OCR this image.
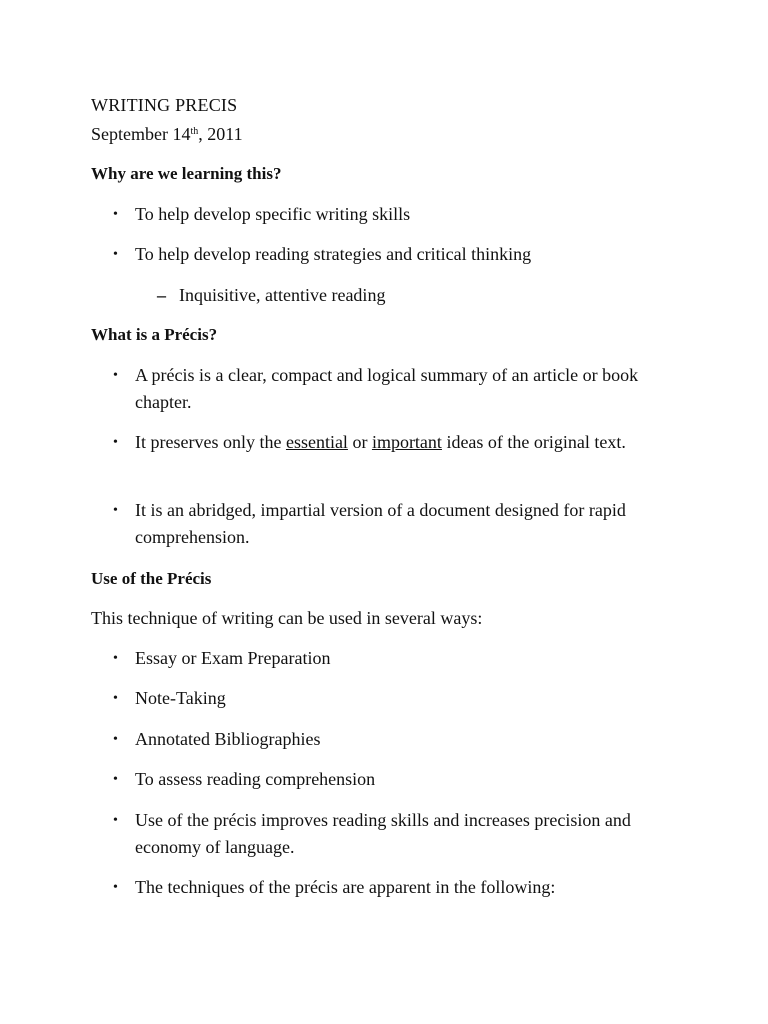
WRITING PRECIS
September 14th, 2011
Why are we learning this?
• To help develop specific writing skills
• To help develop reading strategies and critical thinking
– Inquisitive, attentive reading
What is a Précis?
• A précis is a clear, compact and logical summary of an article or book chapter.
• It preserves only the essential or important ideas of the original text.
• It is an abridged, impartial version of a document designed for rapid comprehension.
Use of the Précis
This technique of writing can be used in several ways:
• Essay or Exam Preparation
• Note-Taking
• Annotated Bibliographies
• To assess reading comprehension
• Use of the précis improves reading skills and increases precision and economy of language.
• The techniques of the précis are apparent in the following:
